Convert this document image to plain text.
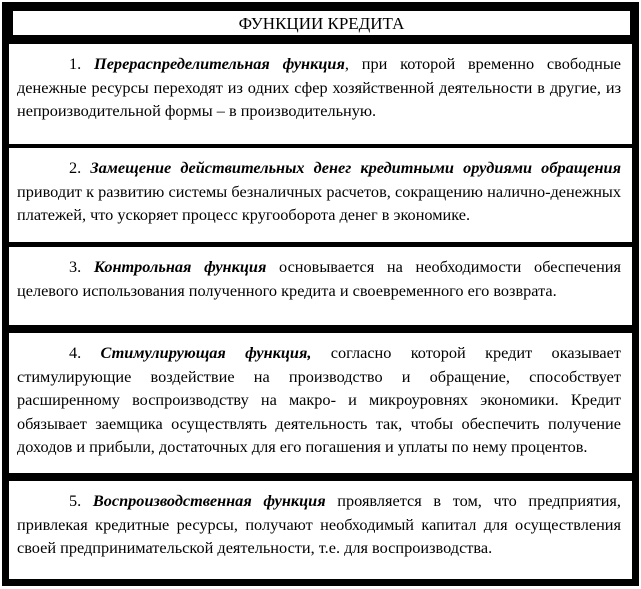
ФУНКЦИИ КРЕДИТА

1. Перераспределительная функция, при которой временно свободные денежные ресурсы переходят из одних сфер хозяйственной деятельности в другие, из непроизводительной формы – в производительную.

2. Замещение действительных денег кредитными орудиями обращения приводит к развитию системы безналичных расчетов, сокращению налично-денежных платежей, что ускоряет процесс кругооборота денег в экономике.

3. Контрольная функция основывается на необходимости обеспечения целевого использования полученного кредита и своевременного его возврата.

4. Стимулирующая функция, согласно которой кредит оказывает стимулирующие воздействие на производство и обращение, способствует расширенному воспроизводству на макро- и микроуровнях экономики. Кредит обязывает заемщика осуществлять деятельность так, чтобы обеспечить получение доходов и прибыли, достаточных для его погашения и уплаты по нему процентов.

5. Воспроизводственная функция проявляется в том, что предприятия, привлекая кредитные ресурсы, получают необходимый капитал для осуществления своей предпринимательской деятельности, т.е. для воспроизводства.
